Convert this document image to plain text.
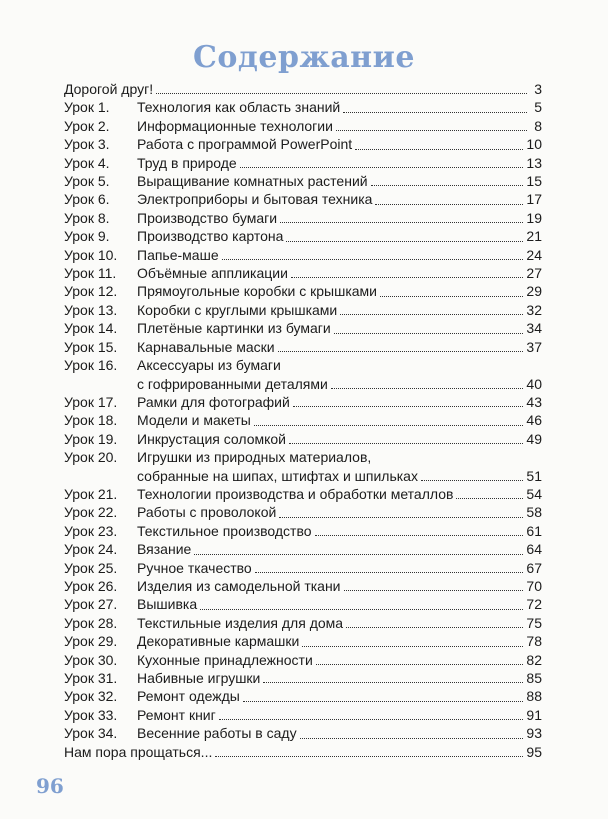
Содержание
Дорогой друг!	3
Урок 1.	Технология как область знаний	5
Урок 2.	Информационные технологии	8
Урок 3.	Работа с программой PowerPoint	10
Урок 4.	Труд в природе	13
Урок 5.	Выращивание комнатных растений	15
Урок 6.	Электроприборы и бытовая техника	17
Урок 8.	Производство бумаги	19
Урок 9.	Производство картона	21
Урок 10.	Папье-маше	24
Урок 11.	Объёмные аппликации	27
Урок 12.	Прямоугольные коробки с крышками	29
Урок 13.	Коробки с круглыми крышками	32
Урок 14.	Плетёные картинки из бумаги	34
Урок 15.	Карнавальные маски	37
Урок 16.	Аксессуары из бумаги
с гофрированными деталями	40
Урок 17.	Рамки для фотографий	43
Урок 18.	Модели и макеты	46
Урок 19.	Инкрустация соломкой	49
Урок 20.	Игрушки из природных материалов,
собранные на шипах, штифтах и шпильках	51
Урок 21.	Технологии производства и обработки металлов	54
Урок 22.	Работы с проволокой	58
Урок 23.	Текстильное производство	61
Урок 24.	Вязание	64
Урок 25.	Ручное ткачество	67
Урок 26.	Изделия из самодельной ткани	70
Урок 27.	Вышивка	72
Урок 28.	Текстильные изделия для дома	75
Урок 29.	Декоративные кармашки	78
Урок 30.	Кухонные принадлежности	82
Урок 31.	Набивные игрушки	85
Урок 32.	Ремонт одежды	88
Урок 33.	Ремонт книг	91
Урок 34.	Весенние работы в саду	93
Нам пора прощаться...	95
96
